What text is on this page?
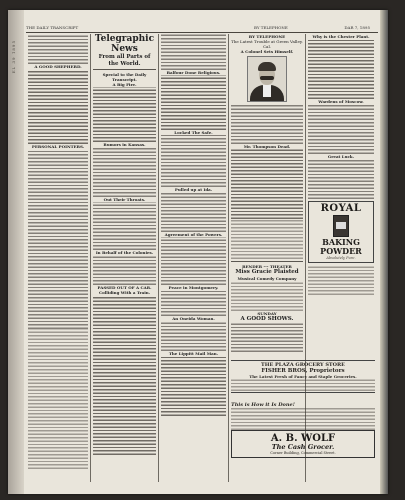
EL 39 1895
THE DAILY TRANSCRIPT	BY TELEPHONE	DAR 7, 1895
A GOOD SHEPHERD.
PERSONAL POINTERS.
Telegraphic News
From all Parts of the World.
Special to the Daily Transcript.
A Big Fire.
Rumors in Kansas.
Out Their Throats.
In Behalf of the Colonies.
PASSED OUT OF A CAR.
Colliding With a Train.
Balfour Done Religious.
Locked The Safe.
Pulled up at Ida.
Agreement of the Powers.
Peace in Montgomery.
An Oneida Woman.
The Lippitt Mail Man.
BY TELEPHONE
The Latest Trouble at Green Valley. Cal.
A Colonel Sets Himself.
Mr. Thompson Dead.
BENDER --- THEATER
Miss Gracie Plaisted
Musical Comedy Company
SUNDAY
A GOOD SHOWS.
Why is the Chester Plant.
Wardens of Moscow.
Great Luck.
ROYAL
BAKING
POWDER
Absolutely Pure.
THE PLAZA GROCERY STORE
FISHER BROS, Proprietors
The Latest Fresh of Fancy and Staple Groceries.
This is How it Is Done!
A. B. WOLF
The Cash Grocer.
Corner Building, Commercial Street.
